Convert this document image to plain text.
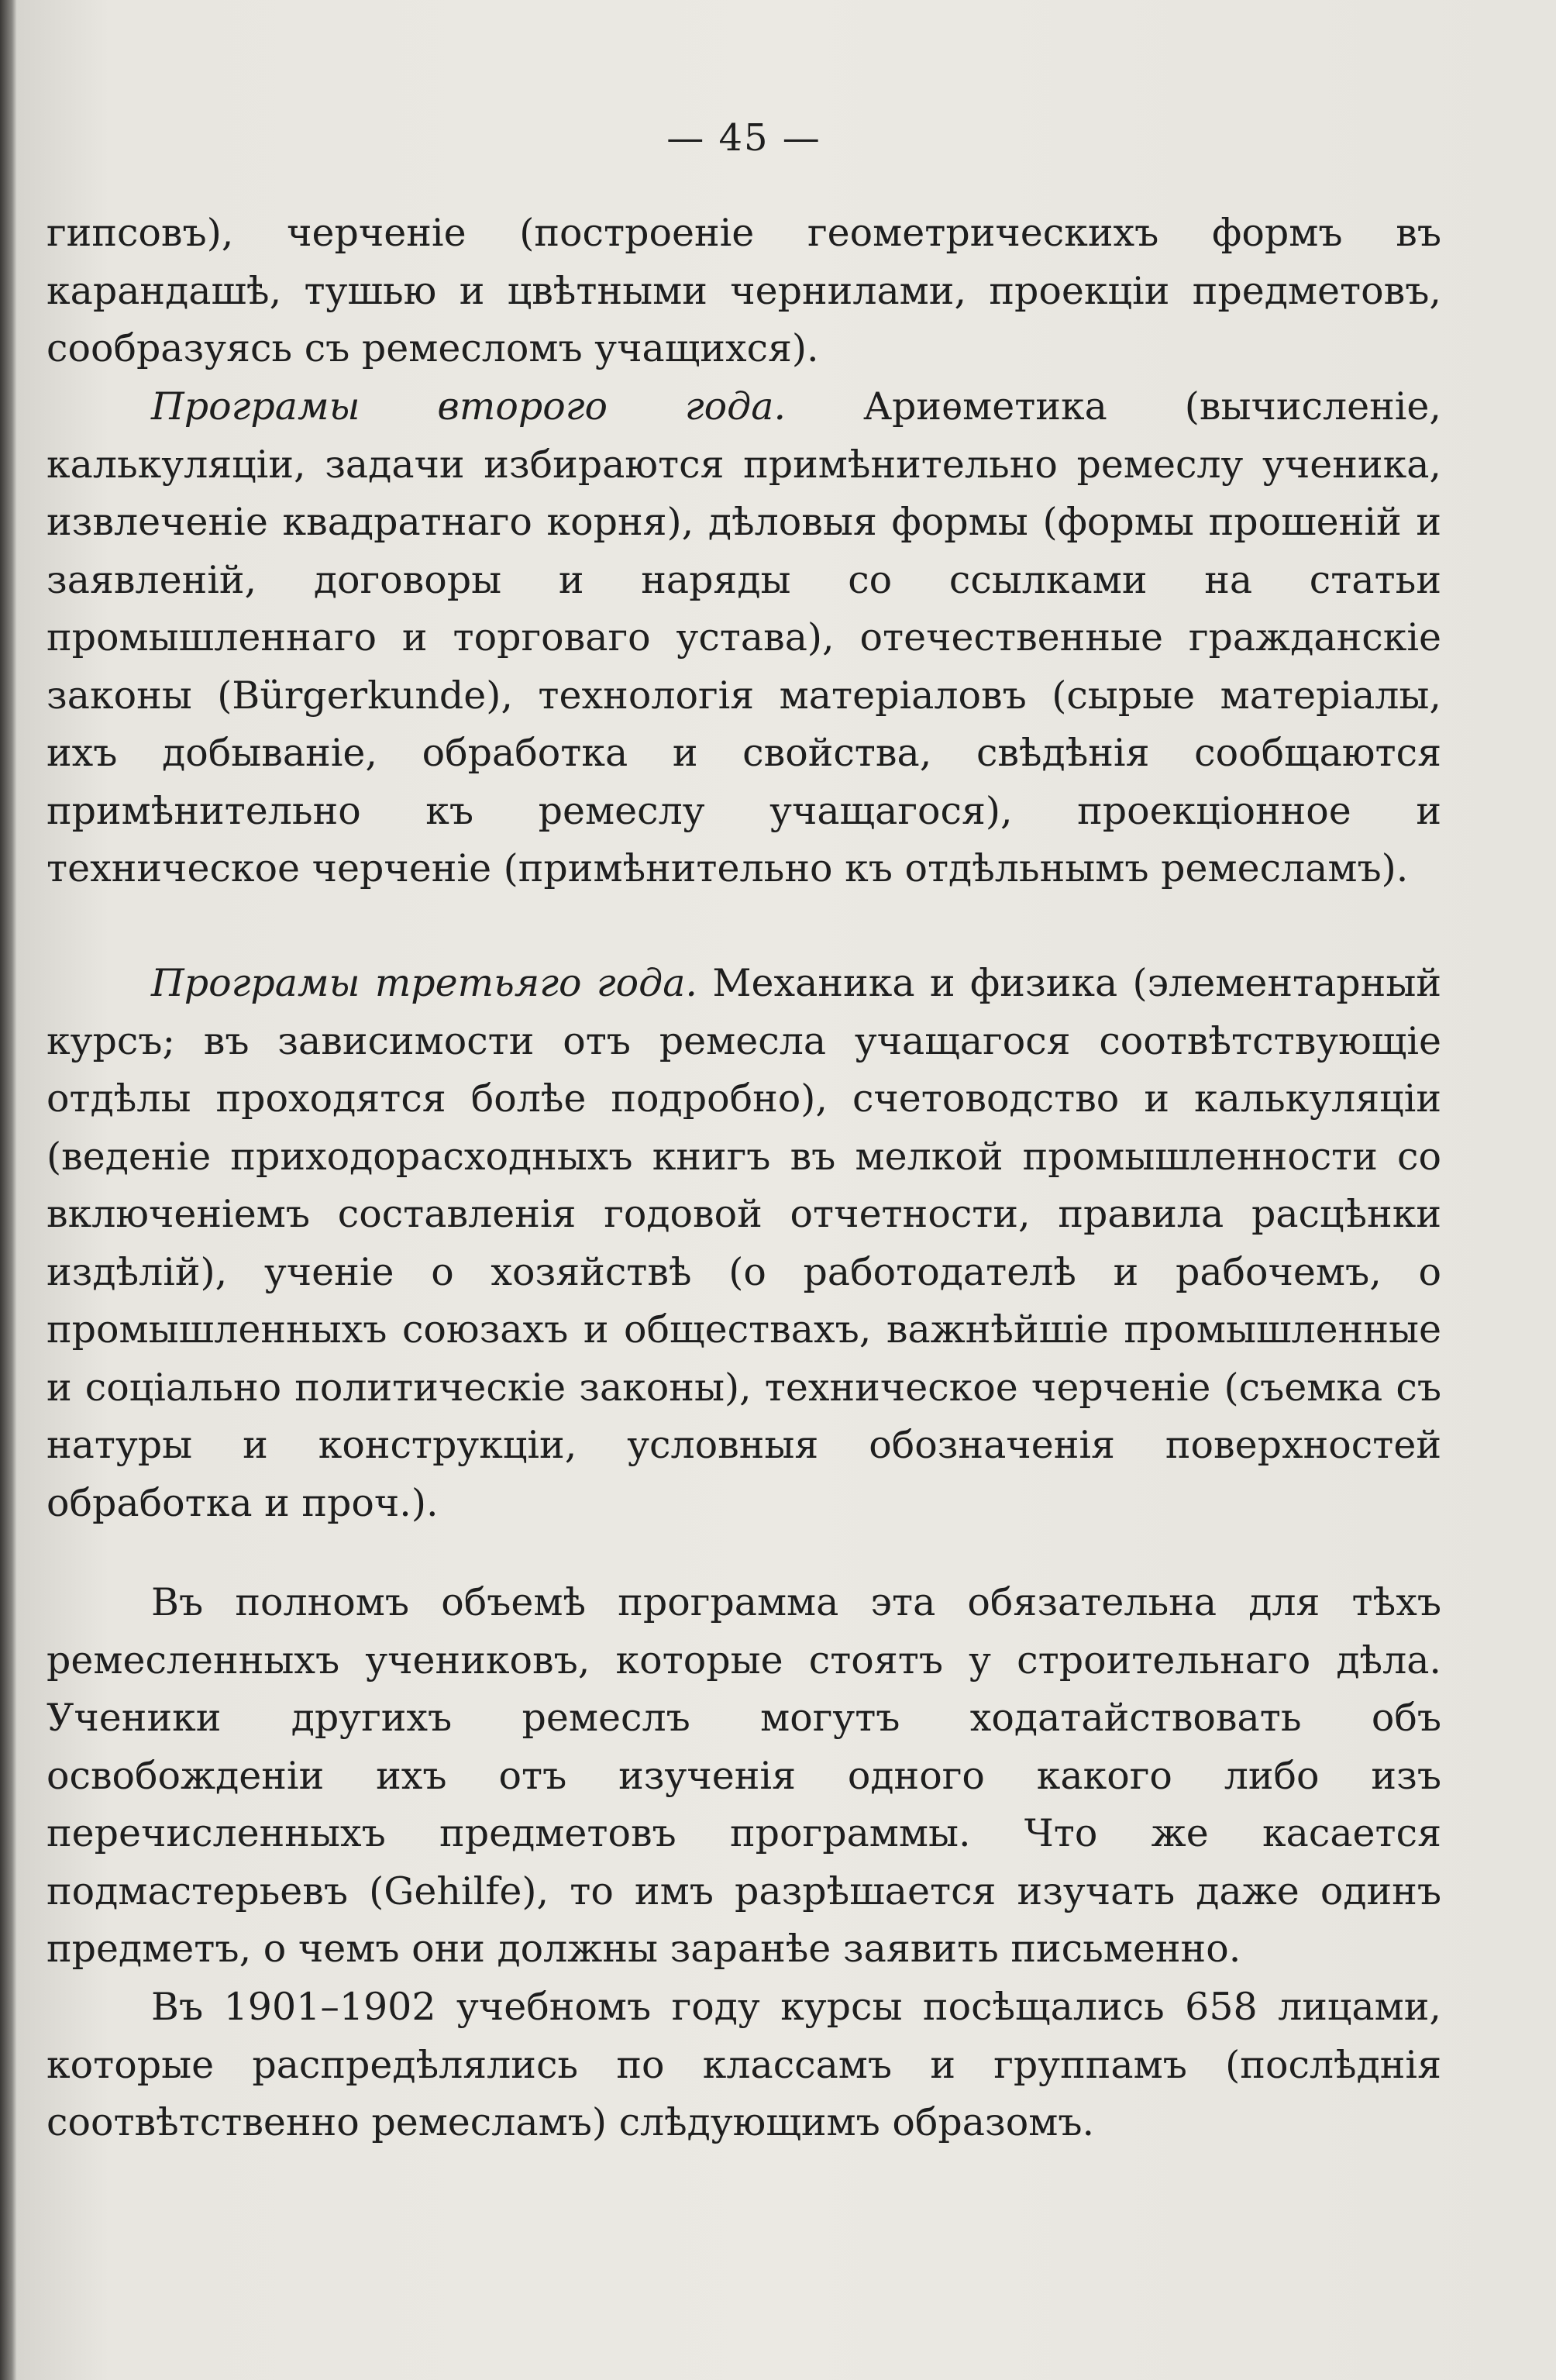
— 45 —

гипсовъ), черченіе (построеніе геометрическихъ формъ въ карандашѣ, тушью и цвѣтными чернилами, проекціи предметовъ, сообразуясь съ ремесломъ учащихся).

Програмы второго года. Ариѳметика (вычисленіе, калькуляціи, задачи избираются примѣнительно ремеслу ученика, извлеченіе квадратнаго корня), дѣловыя формы (формы прошеній и заявленій, договоры и наряды со ссылками на статьи промышленнаго и торговаго устава), отечественные гражданскіе законы (Bürgerkunde), технологія матеріаловъ (сырые матеріалы, ихъ добываніе, обработка и свойства, свѣдѣнія сообщаются примѣнительно къ ремеслу учащагося), проекціонное и техническое черченіе (примѣнительно къ отдѣльнымъ ремесламъ).

Програмы третьяго года. Механика и физика (элементарный курсъ; въ зависимости отъ ремесла учащагося соотвѣтствующіе отдѣлы проходятся болѣе подробно), счетоводство и калькуляціи (веденіе приходорасходныхъ книгъ въ мелкой промышленности со включеніемъ составленія годовой отчетности, правила расцѣнки издѣлій), ученіе о хозяйствѣ (о работодателѣ и рабочемъ, о промышленныхъ союзахъ и обществахъ, важнѣйшіе промышленные и соціально политическіе законы), техническое черченіе (съемка съ натуры и конструкціи, условныя обозначенія поверхностей обработка и проч.).

Въ полномъ объемѣ программа эта обязательна для тѣхъ ремесленныхъ учениковъ, которые стоятъ у строительнаго дѣла. Ученики другихъ ремеслъ могутъ ходатайствовать объ освобожденіи ихъ отъ изученія одного какого либо изъ перечисленныхъ предметовъ программы. Что же касается подмастерьевъ (Gehilfe), то имъ разрѣшается изучать даже одинъ предметъ, о чемъ они должны заранѣе заявить письменно.

Въ 1901–1902 учебномъ году курсы посѣщались 658 лицами, которые распредѣлялись по классамъ и группамъ (послѣднія соотвѣтственно ремесламъ) слѣдующимъ образомъ.
